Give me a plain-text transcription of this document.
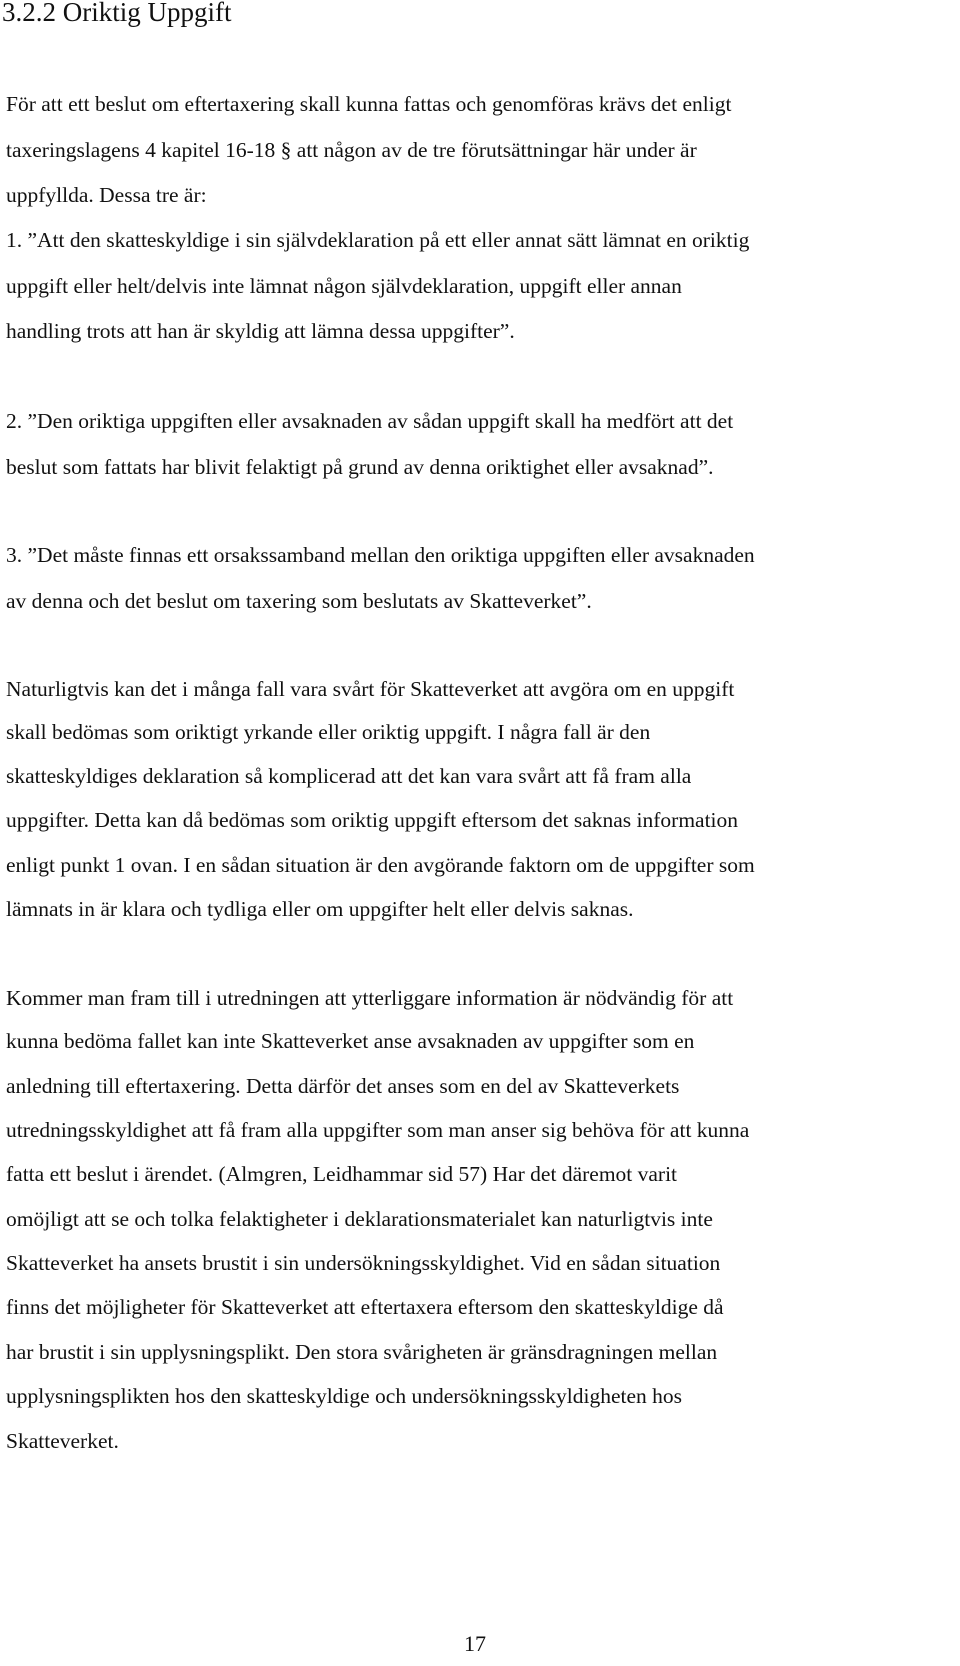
3.2.2 Oriktig Uppgift

För att ett beslut om eftertaxering skall kunna fattas och genomföras krävs det enligt

taxeringslagens 4 kapitel 16-18 § att någon av de tre förutsättningar här under är

uppfyllda. Dessa tre är:

1. ”Att den skatteskyldige i sin självdeklaration på ett eller annat sätt lämnat en oriktig

uppgift eller helt/delvis inte lämnat någon självdeklaration, uppgift eller annan

handling trots att han är skyldig att lämna dessa uppgifter”.

2. ”Den oriktiga uppgiften eller avsaknaden av sådan uppgift skall ha medfört att det

beslut som fattats har blivit felaktigt på grund av denna oriktighet eller avsaknad”.

3. ”Det måste finnas ett orsakssamband mellan den oriktiga uppgiften eller avsaknaden

av denna och det beslut om taxering som beslutats av Skatteverket”.

Naturligtvis kan det i många fall vara svårt för Skatteverket att avgöra om en uppgift

skall bedömas som oriktigt yrkande eller oriktig uppgift. I några fall är den

skatteskyldiges deklaration så komplicerad att det kan vara svårt att få fram alla

uppgifter. Detta kan då bedömas som oriktig uppgift eftersom det saknas information

enligt punkt 1 ovan. I en sådan situation är den avgörande faktorn om de uppgifter som

lämnats in är klara och tydliga eller om uppgifter helt eller delvis saknas.

Kommer man fram till i utredningen att ytterliggare information är nödvändig för att

kunna bedöma fallet kan inte Skatteverket anse avsaknaden av uppgifter som en

anledning till eftertaxering. Detta därför det anses som en del av Skatteverkets

utredningsskyldighet att få fram alla uppgifter som man anser sig behöva för att kunna

fatta ett beslut i ärendet. (Almgren, Leidhammar sid 57) Har det däremot varit

omöjligt att se och tolka felaktigheter i deklarationsmaterialet kan naturligtvis inte

Skatteverket ha ansets brustit i sin undersökningsskyldighet. Vid en sådan situation

finns det möjligheter för Skatteverket att eftertaxera eftersom den skatteskyldige då

har brustit i sin upplysningsplikt. Den stora svårigheten är gränsdragningen mellan

upplysningsplikten hos den skatteskyldige och undersökningsskyldigheten hos

Skatteverket.

17
